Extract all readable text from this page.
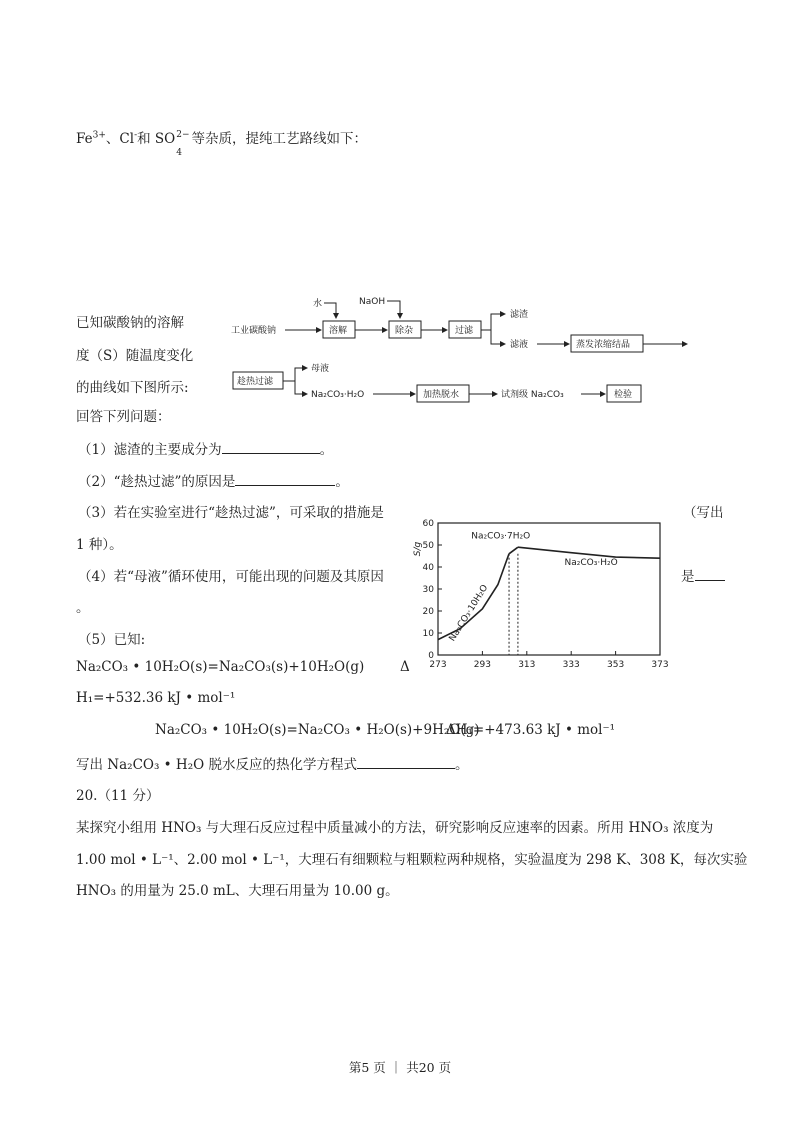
$Fe^{3+}$、Cl-和 SO 2−
4
等杂质，提纯工艺路线如下：
已知碳酸钠的溶解
度（S）随温度变化
的曲线如下图所示:
回答下列问题：
水	NaOH
工业碳酸钠	溶解	除杂	过滤
滤渣
滤液	蒸发浓缩结晶
趁热过滤
母液
Na₂CO₃·H₂O	加热脱水	试剂级 Na₂CO₃	检验
（1）滤渣的主要成分为	。
（2）“趁热过滤”的原因是	。
（3）若在实验室进行“趁热过滤”，可采取的措施是	（写出
1 种）。
（4）若“母液”循环使用，可能出现的问题及其原因	是
。
（5）已知:
0
10
20
30
40
50
60
273	293	313	333	353	373
S/g
Na₂CO₃·10H₂O
Na₂CO₃·7H₂O
Na₂CO₃·H₂O
Na₂CO₃ • 10H₂O(s)=Na₂CO₃(s)+10H₂O(g)	Δ
H₁=+532.36 kJ • mol⁻¹
Na₂CO₃ • 10H₂O(s)=Na₂CO₃ • H₂O(s)+9H₂O(g)
ΔH₁=+473.63 kJ • mol⁻¹
写出 Na₂CO₃ • H₂O 脱水反应的热化学方程式	。
20.（11 分）
某探究小组用 HNO₃ 与大理石反应过程中质量减小的方法，研究影响反应速率的因素。所用 HNO₃ 浓度为
1.00 mol • L⁻¹、2.00 mol • L⁻¹，大理石有细颗粒与粗颗粒两种规格，实验温度为 298 K、308 K，每次实验
HNO₃ 的用量为 25.0 mL、大理石用量为 10.00 g。
第5 页 ｜ 共20 页
